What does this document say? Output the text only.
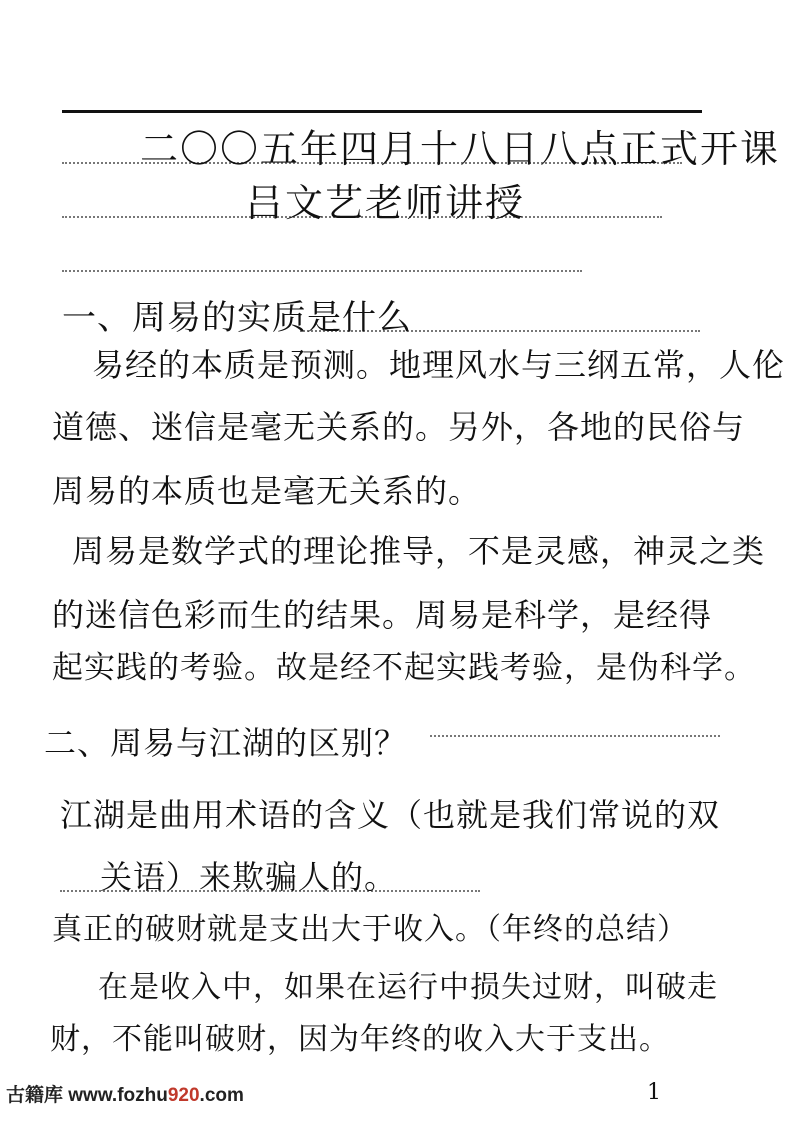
二〇〇五年四月十八日八点正式开课
吕文艺老师讲授
一、周易的实质是什么
易经的本质是预测。地理风水与三纲五常，人伦
道德、迷信是毫无关系的。另外，各地的民俗与
周易的本质也是毫无关系的。
周易是数学式的理论推导，不是灵感，神灵之类
的迷信色彩而生的结果。周易是科学，是经得
起实践的考验。故是经不起实践考验，是伪科学。
二、周易与江湖的区别？
江湖是曲用术语的含义（也就是我们常说的双
关语）来欺骗人的。
真正的破财就是支出大于收入。（年终的总结）
在是收入中，如果在运行中损失过财，叫破走
财，不能叫破财，因为年终的收入大于支出。
古籍库 www.fozhu920.com	1
